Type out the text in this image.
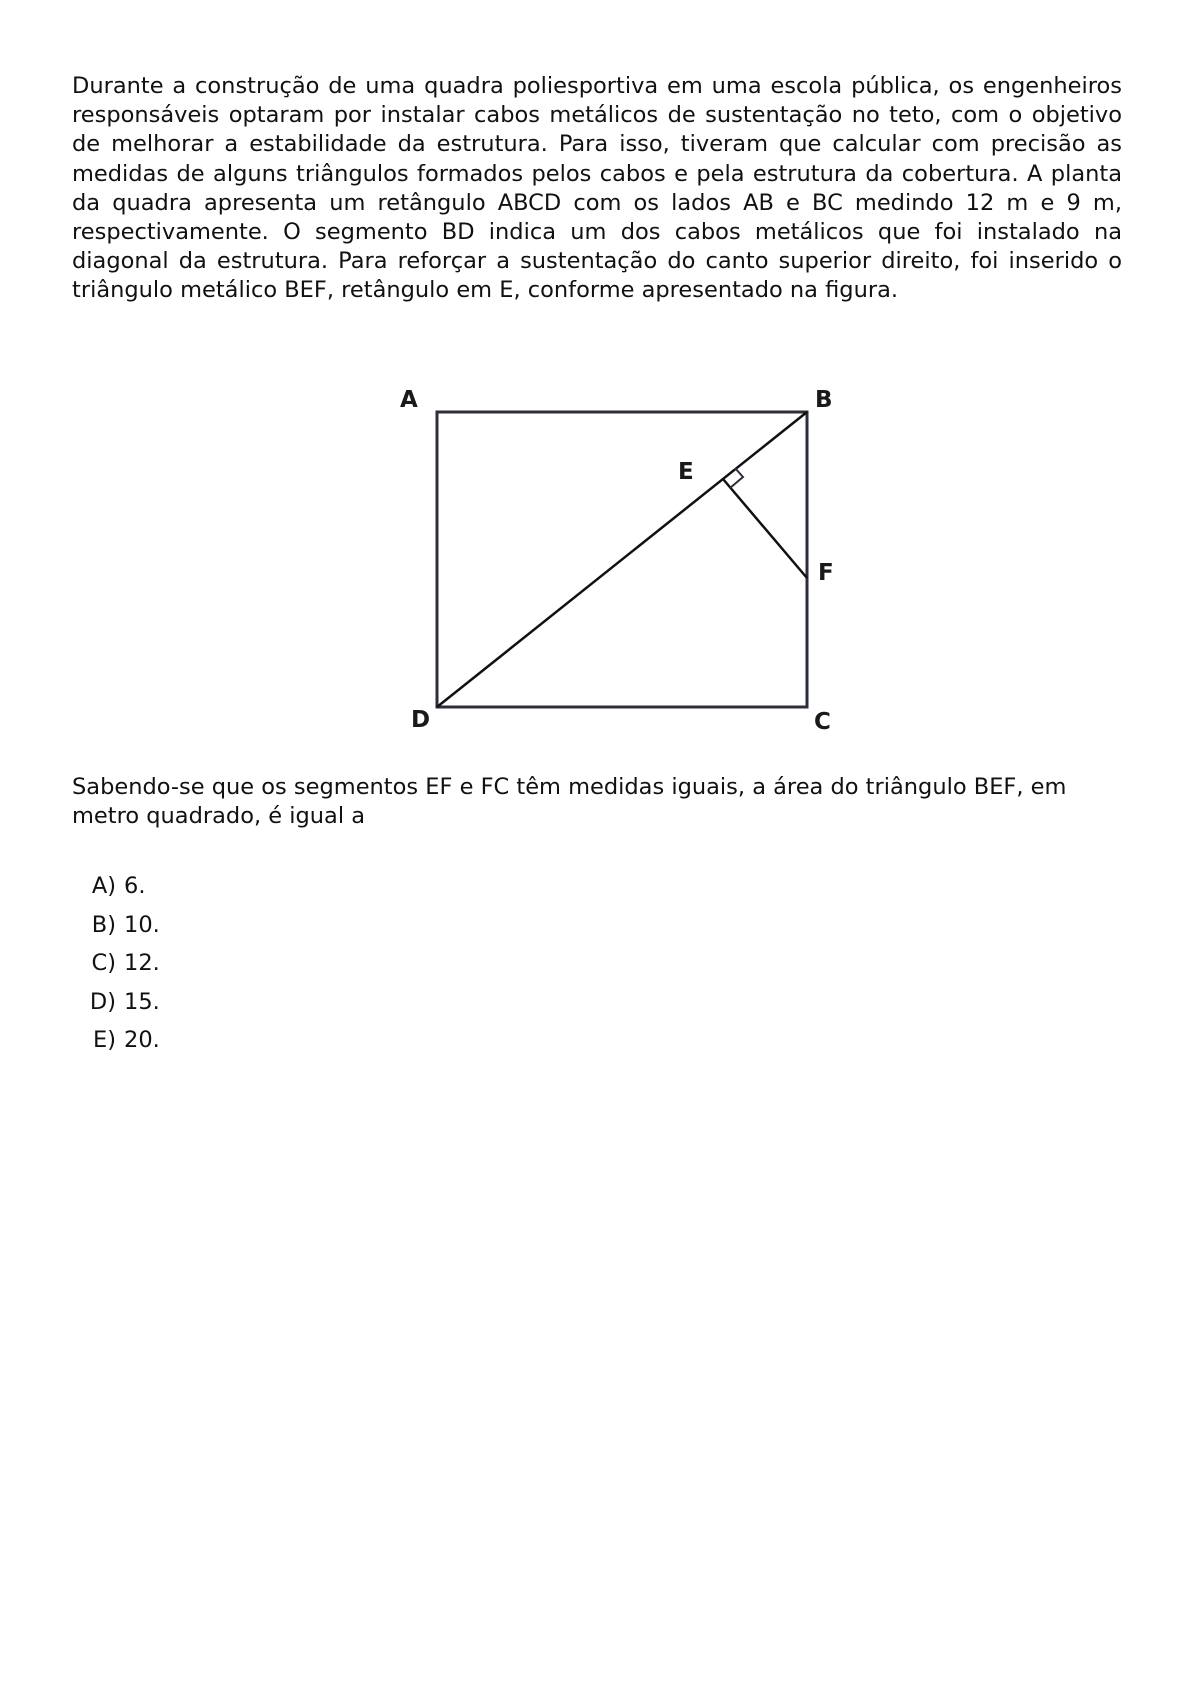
Durante a construção de uma quadra poliesportiva em uma escola pública, os engenheiros responsáveis optaram por instalar cabos metálicos de sustentação no teto, com o objetivo de melhorar a estabilidade da estrutura. Para isso, tiveram que calcular com precisão as medidas de alguns triângulos formados pelos cabos e pela estrutura da cobertura. A planta da quadra apresenta um retângulo ABCD com os lados AB e BC medindo 12 m e 9 m, respectivamente. O segmento BD indica um dos cabos metálicos que foi instalado na diagonal da estrutura. Para reforçar a sustentação do canto superior direito, foi inserido o triângulo metálico BEF, retângulo em E, conforme apresentado na figura.

A	B
C
D
E
F

Sabendo-se que os segmentos EF e FC têm medidas iguais, a área do triângulo BEF, em metro quadrado, é igual a

A) 6.
B) 10.
C) 12.
D) 15.
E) 20.
